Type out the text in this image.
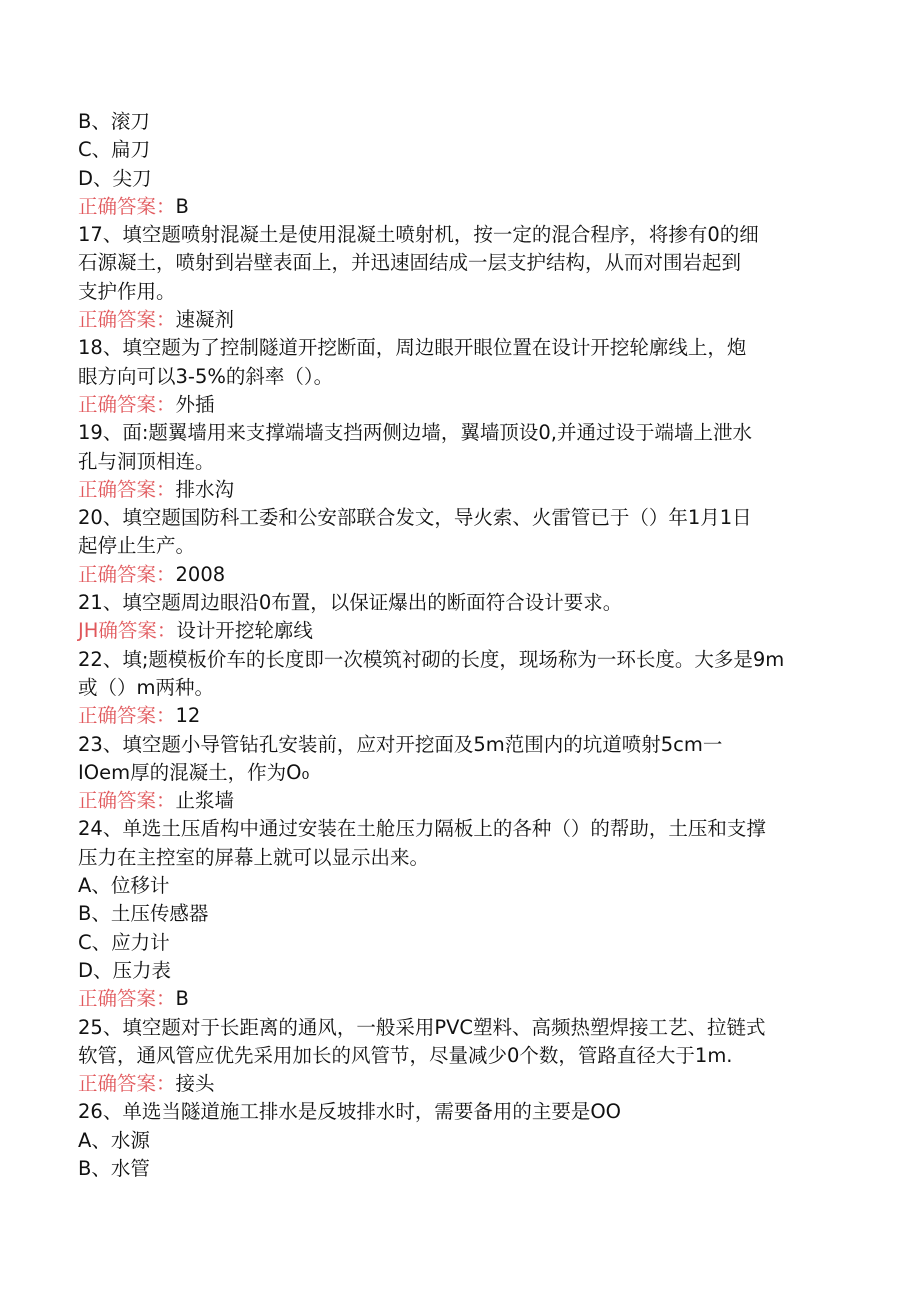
B、滚刀
C、扁刀
D、尖刀
正确答案：B
17、填空题喷射混凝土是使用混凝土喷射机，按一定的混合程序，将掺有0的细
石源凝土，喷射到岩壁表面上，并迅速固结成一层支护结构，从而对围岩起到
支护作用。
正确答案：速凝剂
18、填空题为了控制隧道开挖断面，周边眼开眼位置在设计开挖轮廓线上，炮
眼方向可以3-5%的斜率（）。
正确答案：外插
19、面:题翼墙用来支撑端墙支挡两侧边墙，翼墙顶设0,并通过设于端墙上泄水
孔与洞顶相连。
正确答案：排水沟
20、填空题国防科工委和公安部联合发文，导火索、火雷管已于（）年1月1日
起停止生产。
正确答案：2008
21、填空题周边眼沿0布置，以保证爆出的断面符合设计要求。
JH确答案：设计开挖轮廓线
22、填;题模板价车的长度即一次模筑衬砌的长度，现场称为一环长度。大多是9m
或（）m两种。
正确答案：12
23、填空题小导管钻孔安装前，应对开挖面及5m范围内的坑道喷射5cm一
IOem厚的混凝土，作为O₀
正确答案：止浆墙
24、单选土压盾构中通过安装在土舱压力隔板上的各种（）的帮助，土压和支撑
压力在主控室的屏幕上就可以显示出来。
A、位移计
B、土压传感器
C、应力计
D、压力表
正确答案：B
25、填空题对于长距离的通风，一般采用PVC塑料、高频热塑焊接工艺、拉链式
软管，通风管应优先采用加长的风管节，尽量减少0个数，管路直径大于1m.
正确答案：接头
26、单选当隧道施工排水是反坡排水时，需要备用的主要是OO
A、水源
B、水管
